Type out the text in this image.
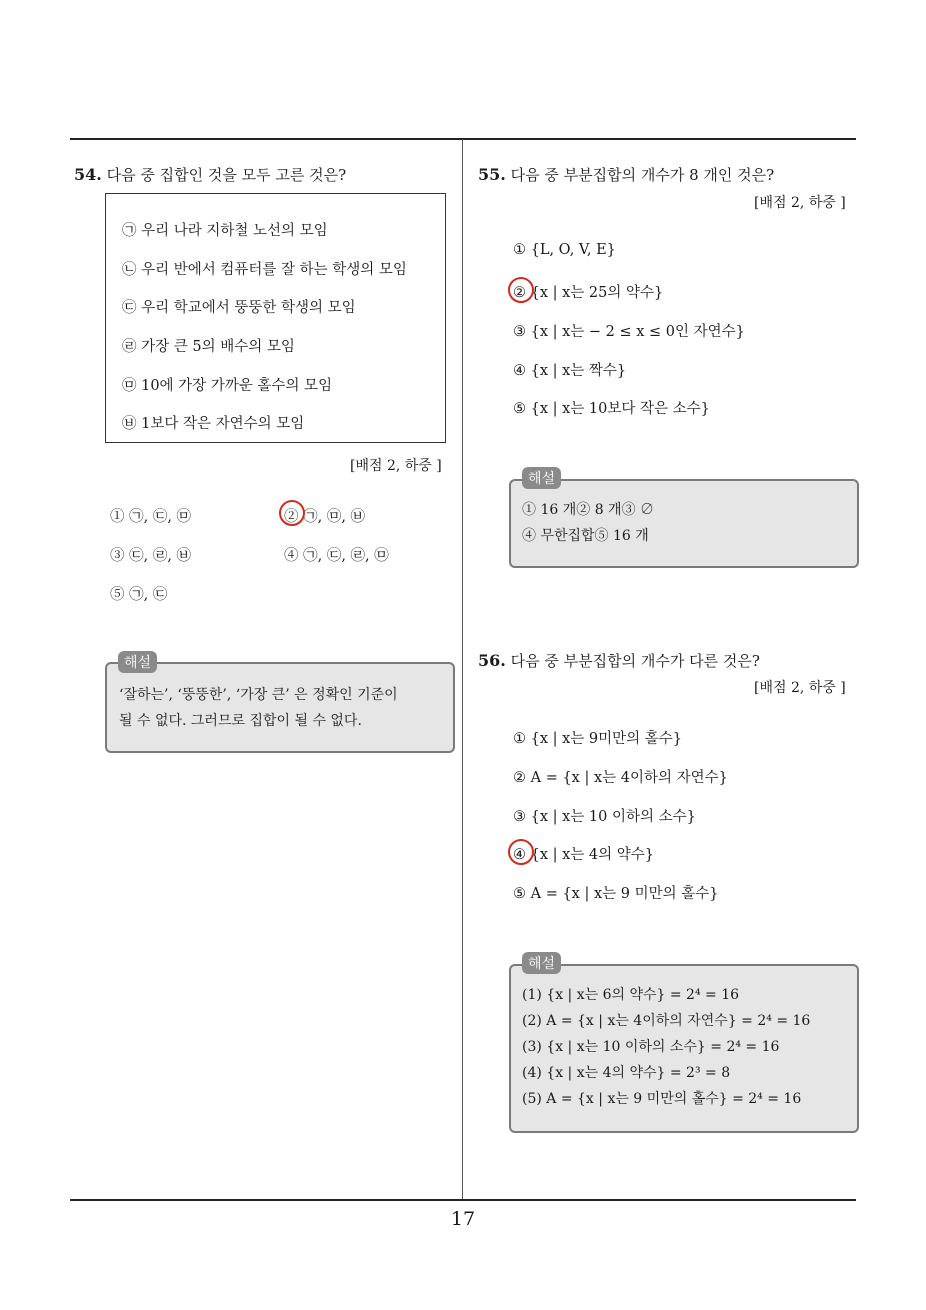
54. 다음 중 집합인 것을 모두 고른 것은?
㉠ 우리 나라 지하철 노선의 모임
㉡ 우리 반에서 컴퓨터를 잘 하는 학생의 모임
㉢ 우리 학교에서 뚱뚱한 학생의 모임
㉣ 가장 큰 5의 배수의 모임
㉤ 10에 가장 가까운 홀수의 모임
㉥ 1보다 작은 자연수의 모임
[배점 2, 하중 ]
① ㉠, ㉢, ㉤	② ㉠, ㉤, ㉥
③ ㉢, ㉣, ㉥	④ ㉠, ㉢, ㉣, ㉤
⑤ ㉠, ㉢
해설
‘잘하는’, ‘뚱뚱한’, ‘가장 큰’ 은 정확인 기준이
될 수 없다. 그러므로 집합이 될 수 없다.
55. 다음 중 부분집합의 개수가 8 개인 것은?
[배점 2, 하중 ]
① {L, O, V, E}
② {x | x는 25의 약수}
③ {x | x는 − 2 ≤ x ≤ 0인 자연수}
④ {x | x는 짝수}
⑤ {x | x는 10보다 작은 소수}
해설
① 16 개② 8 개③ ∅
④ 무한집합⑤ 16 개
56. 다음 중 부분집합의 개수가 다른 것은?
[배점 2, 하중 ]
① {x | x는 9미만의 홀수}
② A = {x | x는 4이하의 자연수}
③ {x | x는 10 이하의 소수}
④ {x | x는 4의 약수}
⑤ A = {x | x는 9 미만의 홀수}
해설
(1) {x | x는 6의 약수} = 2⁴ = 16
(2) A = {x | x는 4이하의 자연수} = 2⁴ = 16
(3) {x | x는 10 이하의 소수} = 2⁴ = 16
(4) {x | x는 4의 약수} = 2³ = 8
(5) A = {x | x는 9 미만의 홀수} = 2⁴ = 16
17
